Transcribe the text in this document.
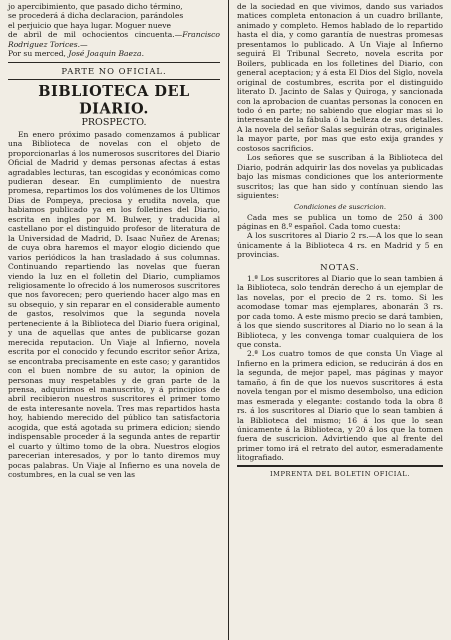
jo apercibimiento, que pasado dicho término,

se procederá á dicha declaracion, parándoles

el perjuicio que haya lugar. Moguer nueve

de abril de mil ochocientos cincuenta.—Francisco Rodriguez Torices.—

Por su merced, José Joaquin Baeza.

PARTE NO OFICIAL.
BIBLIOTECA DEL DIARIO.
PROSPECTO.

En enero próximo pasado comenzamos á publicar una Biblioteca de novelas con el objeto de proporcionarlas á los numerosos suscritores del Diario Oficial de Madrid y demas personas afectas á estas agradables lecturas, tan escogidas y económicas como pudieran desear. En cumplimiento de nuestra promesa, repartimos los dos volúmenes de los Ultimos Dias de Pompeya, preciosa y erudita novela, que habiamos publicado ya en los folletines del Diario, escrita en ingles por M. Bulwer, y traducida al castellano por el distinguido profesor de literatura de la Universidad de Madrid, D. Isaac Nuñez de Arenas; de cuya obra haremos el mayor elogio diciendo que varios periódicos la han trasladado á sus columnas. Continuando repartiendo las novelas que fueran viendo la luz en el folletin del Diario, cumpliamos religiosamente lo ofrecido á los numerosos suscritores que nos favorecen; pero queriendo hacer algo mas en su obsequio, y sin reparar en el considerable aumento de gastos, resolvimos que la segunda novela perteneciente á la Biblioteca del Diario fuera original, y una de aquellas que antes de publicarse gozan merecida reputacion. Un Viaje al Infierno, novela escrita por el conocido y fecundo escritor señor Ariza, se encontraba precisamente en este caso; y garantidos con el buen nombre de su autor, la opinion de personas muy respetables y de gran parte de la prensa, adquirimos el manuscrito, y á principios de abril recibieron nuestros suscritores el primer tomo de esta interesante novela. Tres mas repartidos hasta hoy, habiendo merecido del público tan satisfactoria acogida, que está agotada su primera edicion; siendo indispensable proceder á la segunda antes de repartir el cuarto y último tomo de la obra. Nuestros elogios parecerian interesados, y por lo tanto diremos muy pocas palabras. Un Viaje al Infierno es una novela de costumbres, en la cual se ven las

de la sociedad en que vivimos, dando sus variados matices completa entonacion á un cuadro brillante, animado y completo. Hemos hablado de lo repartido hasta el dia, y como garantía de nuestras promesas presentamos lo publicado. A Un Viaje al Infierno seguirá El Tribunal Secreto, novela escrita por Boilers, publicada en los folletines del Diario, con general aceptacion; y á esta El Dios del Siglo, novela original de costumbres, escrita por el distinguido literato D. Jacinto de Salas y Quiroga, y sancionada con la aprobacion de cuantas personas la conocen en todo ó en parte; no sabiendo que elogiar mas si lo interesante de la fábula ó la belleza de sus detalles. A la novela del señor Salas seguirán otras, originales la mayor parte, por mas que esto exija grandes y costosos sacrificios.

Los señores que se suscriban á la Biblioteca del Diario, podrán adquirir las dos novelas ya publicadas bajo las mismas condiciones que los anteriormente suscritos; las que han sido y contínuan siendo las siguientes:

Condiciones de suscricion.

Cada mes se publica un tomo de 250 á 300 páginas en 8.º español. Cada tomo cuesta:

A los suscritores al Diario 2 rs.—A los que lo sean únicamente á la Biblioteca 4 rs. en Madrid y 5 en provincias.

NOTAS.

1.ª Los suscritores al Diario que lo sean tambien á la Biblioteca, solo tendrán derecho á un ejemplar de las novelas, por el precio de 2 rs. tomo. Si les acomodase tomar mas ejemplares, abonarán 3 rs. por cada tomo. A este mismo precio se dará tambien, á los que siendo suscritores al Diario no lo sean á la Biblioteca, y les convenga tomar cualquiera de los que consta.

2.ª Los cuatro tomos de que consta Un Viage al Infierno en la primera edicion, se reducirán á dos en la segunda, de mejor papel, mas páginas y mayor tamaño, á fin de que los nuevos suscritores á esta novela tengan por el mismo desembolso, una edicion mas esmerada y elegante: costando toda la obra 8 rs. á los suscritores al Diario que lo sean tambien á la Biblioteca del mismo; 16 á los que lo sean únicamente á la Biblioteca, y 20 á los que la tomen fuera de suscricion. Advirtiendo que al frente del primer tomo irá el retrato del autor, esmeradamente litografiado.

IMPRENTA DEL BOLETIN OFICIAL.
